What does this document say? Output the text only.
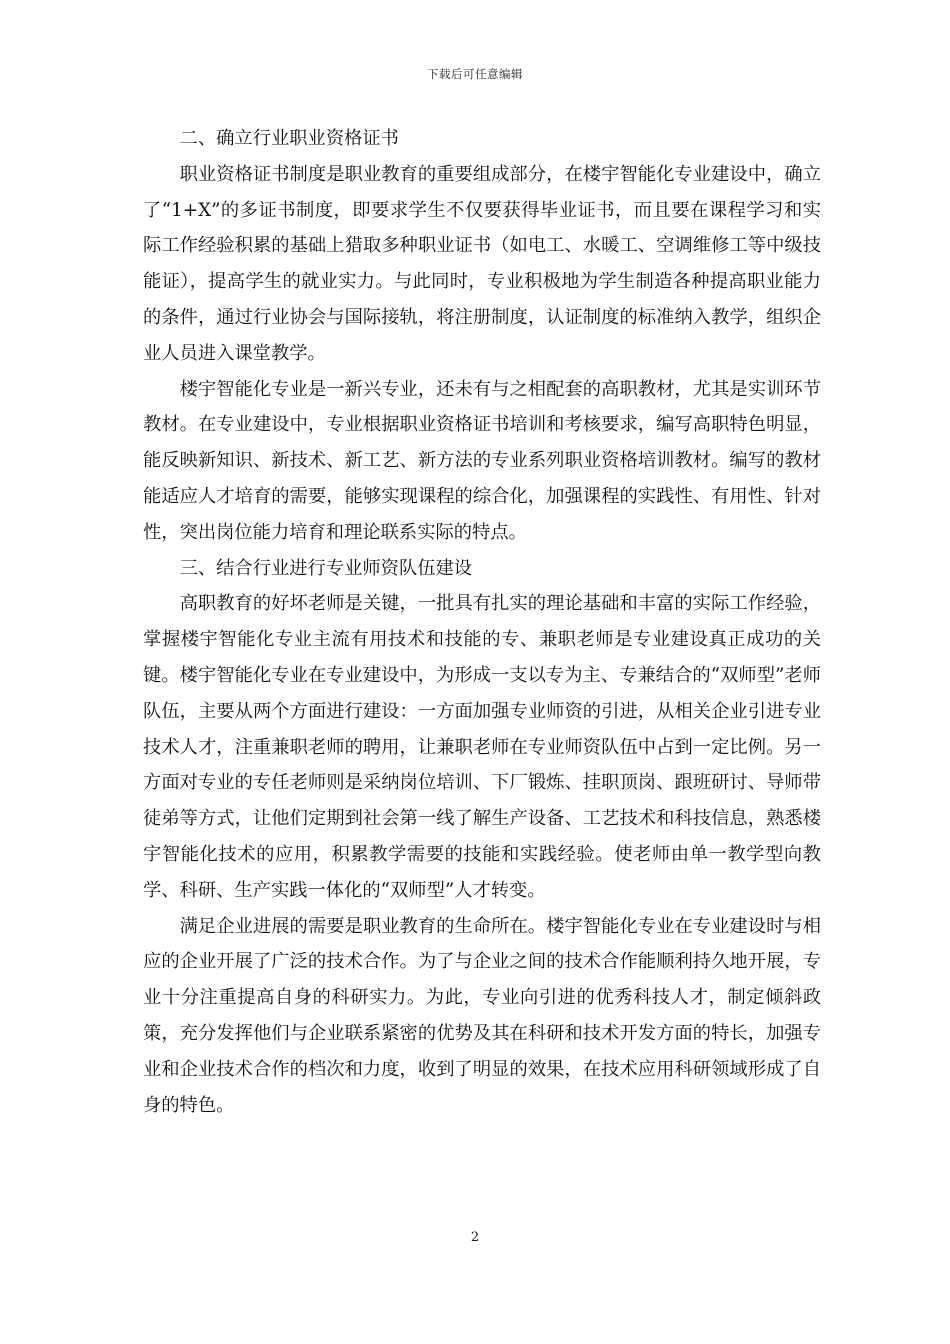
下载后可任意编辑

二、确立行业职业资格证书

职业资格证书制度是职业教育的重要组成部分，在楼宇智能化专业建设中，确立了“1+X”的多证书制度，即要求学生不仅要获得毕业证书，而且要在课程学习和实际工作经验积累的基础上猎取多种职业证书（如电工、水暖工、空调维修工等中级技能证），提高学生的就业实力。与此同时，专业积极地为学生制造各种提高职业能力的条件，通过行业协会与国际接轨，将注册制度，认证制度的标准纳入教学，组织企业人员进入课堂教学。

楼宇智能化专业是一新兴专业，还未有与之相配套的高职教材，尤其是实训环节教材。在专业建设中，专业根据职业资格证书培训和考核要求，编写高职特色明显，能反映新知识、新技术、新工艺、新方法的专业系列职业资格培训教材。编写的教材能适应人才培育的需要，能够实现课程的综合化，加强课程的实践性、有用性、针对性，突出岗位能力培育和理论联系实际的特点。

三、结合行业进行专业师资队伍建设

高职教育的好坏老师是关键，一批具有扎实的理论基础和丰富的实际工作经验，掌握楼宇智能化专业主流有用技术和技能的专、兼职老师是专业建设真正成功的关键。楼宇智能化专业在专业建设中，为形成一支以专为主、专兼结合的“双师型”老师队伍，主要从两个方面进行建设：一方面加强专业师资的引进，从相关企业引进专业技术人才，注重兼职老师的聘用，让兼职老师在专业师资队伍中占到一定比例。另一方面对专业的专任老师则是采纳岗位培训、下厂锻炼、挂职顶岗、跟班研讨、导师带徒弟等方式，让他们定期到社会第一线了解生产设备、工艺技术和科技信息，熟悉楼宇智能化技术的应用，积累教学需要的技能和实践经验。使老师由单一教学型向教学、科研、生产实践一体化的“双师型”人才转变。

满足企业进展的需要是职业教育的生命所在。楼宇智能化专业在专业建设时与相应的企业开展了广泛的技术合作。为了与企业之间的技术合作能顺利持久地开展，专业十分注重提高自身的科研实力。为此，专业向引进的优秀科技人才，制定倾斜政策，充分发挥他们与企业联系紧密的优势及其在科研和技术开发方面的特长，加强专业和企业技术合作的档次和力度，收到了明显的效果，在技术应用科研领域形成了自身的特色。

2
